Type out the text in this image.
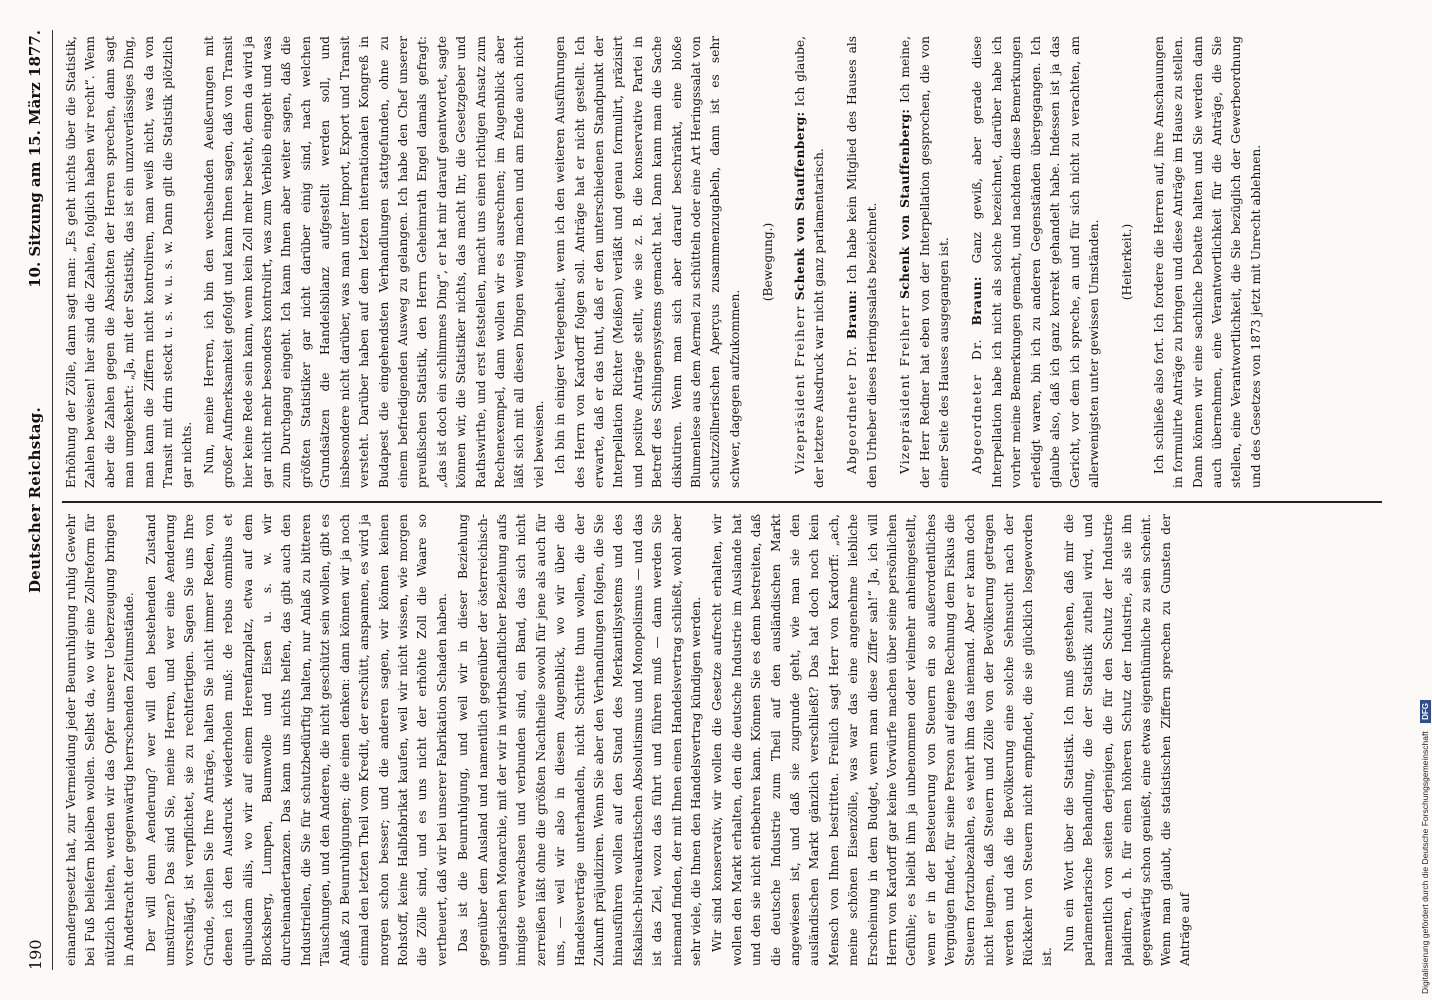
190
Deutscher Reichstag.
10. Sitzung am 15. März 1877.

einandergesetzt hat, zur Vermeidung jeder Beunruhigung ruhig Gewehr bei Fuß beliefern bleiben wollen. Selbst da, wo wir eine Zollreform für nützlich hielten, werden wir das Opfer unserer Ueberzeugung bringen in Andetracht der gegenwärtig herrschenden Zeitumstände. Der will denn Aenderung? wer will den bestehenden Zustand umstürzen? Das sind Sie, meine Herren, und wer eine Aenderung vorschlägt, ist verpflichtet, sie zu rechtfertigen. Sagen Sie uns Ihre Gründe, stellen Sie Ihre Anträge, halten Sie nicht immer Reden, von denen ich den Ausdruck wiederholen muß: de rebus omnibus et quibusdam aliis, wo wir auf einem Herenfanzplatz, etwa auf dem Blocksberg, Lumpen, Baumwolle und Eisen u. s. w. wir durcheinandertanzen. Das kann uns nichts helfen, das gibt auch den Industriellen, die Sie für schutzbedürftig halten, nur Anlaß zu bitteren Täuschungen, und den Anderen, die nicht geschützt sein wollen, gibt es Anlaß zu Beunruhigungen; die einen denken: dann können wir ja noch einmal den letzten Theil vom Kredit, der erschütt, anspannen, es wird ja morgen schon besser; und die anderen sagen, wir können keinen Rohstoff, keine Halbfabrikat kaufen, weil wir nicht wissen, wie morgen die Zölle sind, und es uns nicht der erhöhte Zoll die Waare so vertheuert, daß wir bei unserer Fabrikation Schaden haben. Das ist die Beunruhigung, und weil wir in dieser Beziehung gegenüber dem Ausland und namentlich gegenüber der österreichisch-ungarischen Monarchie, mit der wir in wirthschaftlicher Beziehung aufs innigste verwachsen und verbunden sind, ein Band, das sich nicht zerreißen läßt ohne die größten Nachtheile sowohl für jene als auch für uns, — weil wir also in diesem Augenblick, wo wir über die Handelsverträge unterhandeln, nicht Schritte thun wollen, die der Zukunft präjudiziren. Wenn Sie aber den Verhandlungen folgen, die Sie hinausführen wollen auf den Stand des Merkantilsystems und des fiskalisch-büreaukratischen Absolutismus und Monopolismus — und das ist das Ziel, wozu das führt und führen muß — dann werden Sie niemand finden, der mit Ihnen einen Handelsvertrag schließt, wohl aber sehr viele, die Ihnen den Handelsvertrag kündigen werden. Wir sind konservativ, wir wollen die Gesetze aufrecht erhalten, wir wollen den Markt erhalten, den die deutsche Industrie im Auslande hat und den sie nicht entbehren kann. Können Sie es denn bestreiten, daß die deutsche Industrie zum Theil auf den ausländischen Markt angewiesen ist, und daß sie zugrunde geht, wie man sie den ausländischen Markt gänzlich verschließt? Das hat doch noch kein Mensch von Ihnen bestritten. Freilich sagt Herr von Kardorff: „ach, meine schönen Eisenzölle, was war das eine angenehme liebliche Erscheinung in dem Budget, wenn man diese Ziffer sah!“ Ja, ich will Herrn von Kardorff gar keine Vorwürfe machen über seine persönlichen Gefühle; es bleibt ihm ja unbenommen oder vielmehr anheimgestellt, wenn er in der Besteuerung von Steuern ein so außerordentliches Vergnügen findet, für seine Person auf eigene Rechnung dem Fiskus die Steuern fortzubezahlen, es wehrt ihm das niemand. Aber er kann doch nicht leugnen, daß Steuern und Zölle von der Bevölkerung getragen werden und daß die Bevölkerung eine solche Sehnsucht nach der Rückkehr von Steuern nicht empfindet, die sie glücklich losgeworden ist.

Nun ein Wort über die Statistik. Ich muß gestehen, daß mir die parlamentarische Behandlung, die der Statistik zutheil wird, und namentlich von seiten derjenigen, die für den Schutz der Industrie plaidiren, d. h. für einen höheren Schutz der Industrie, als sie ihn gegenwärtig schon genießt, eine etwas eigenthümliche zu sein scheint. Wenn man glaubt, die statistischen Ziffern sprechen zu Gunsten der Anträge auf

Erhöhung der Zölle, dann sagt man: „Es geht nichts über die Statistik, Zahlen beweisen! hier sind die Zahlen, folglich haben wir recht“. Wenn aber die Zahlen gegen die Absichten der Herren sprechen, dann sagt man umgekehrt: „Ja, mit der Statistik, das ist ein unzuverlässiges Ding, man kann die Ziffern nicht kontroliren, man weiß nicht, was da von Transit mit drin steckt u. s. w. u. s. w. Dann gilt die Statistik plötzlich gar nichts. Nun, meine Herren, ich bin den wechselnden Aeußerungen mit großer Aufmerksamkeit gefolgt und kann Ihnen sagen, daß von Transit hier keine Rede sein kann, wenn kein Zoll mehr besteht, denn da wird ja gar nicht mehr besonders kontrolirt, was zum Verbleib eingeht und was zum Durchgang eingeht. Ich kann Ihnen aber weiter sagen, daß die größten Statistiker gar nicht darüber einig sind, nach welchen Grundsätzen die Handelsbilanz aufgestellt werden soll, und insbesondere nicht darüber, was man unter Import, Export und Transit versteht. Darüber haben auf dem letzten internationalen Kongreß in Budapest die eingehendsten Verhandlungen stattgefunden, ohne zu einem befriedigenden Ausweg zu gelangen. Ich habe den Chef unserer preußischen Statistik, den Herrn Geheimrath Engel damals gefragt: „das ist doch ein schlimmes Ding“, er hat mir darauf geantwortet, sagte können wir, die Statistiker nichts, das macht Ihr, die Gesetzgeber und Rathswirthe, und erst feststellen, macht uns einen richtigen Ansatz zum Rechenexempel, dann wollen wir es ausrechnen; im Augenblick aber läßt sich mit all diesen Dingen wenig machen und am Ende auch nicht viel beweisen. Ich bin in einiger Verlegenheit, wenn ich den weiteren Ausführungen des Herrn von Kardorff folgen soll. Anträge hat er nicht gestellt. Ich erwarte, daß er das thut, daß er den unterschiedenen Standpunkt der Interpellation Richter (Meißen) verläßt und genau formulirt, präzisirt und positive Anträge stellt, wie sie z. B. die konservative Partei in Betreff des Schlingensystems gemacht hat. Dann kann man die Sache diskutiren. Wenn man sich aber darauf beschränkt, eine bloße Blumenlese aus dem Aermel zu schütteln oder eine Art Heringssalat von schutzzöllnerischen Aperçus zusammenzugabeln, dann ist es sehr schwer, dagegen aufzukommen.

(Bewegung.)

Vizepräsident Freiherr Schenk von Stauffenberg: Ich glaube, der letztere Ausdruck war nicht ganz parlamentarisch. Abgeordneter Dr. Braun: Ich habe kein Mitglied des Hauses als den Urheber dieses Heringssalats bezeichnet. Vizepräsident Freiherr Schenk von Stauffenberg: Ich meine, der Herr Redner hat eben von der Interpellation gesprochen, die von einer Seite des Hauses ausgegangen ist. Abgeordneter Dr. Braun: Ganz gewiß, aber gerade diese Interpellation habe ich nicht als solche bezeichnet, darüber habe ich vorher meine Bemerkungen gemacht, und nachdem diese Bemerkungen erledigt waren, bin ich zu anderen Gegenständen übergegangen. Ich glaube also, daß ich ganz korrekt gehandelt habe. Indessen ist ja das Gericht, vor dem ich spreche, an und für sich nicht zu verachten, am allerwenigsten unter gewissen Umständen. (Heiterkeit.) Ich schließe also fort. Ich fordere die Herren auf, ihre Anschauungen in formulirte Anträge zu bringen und diese Anträge im Hause zu stellen. Dann können wir eine sachliche Debatte halten und Sie werden dann auch übernehmen, eine Verantwortlichkeit für die Anträge, die Sie stellen, eine Verantwortlichkeit, die Sie bezüglich der Gewerbeordnung und des Gesetzes von 1873 jetzt mit Unrecht ablehnen.

Digitalisierung gefördert durch die Deutsche Forschungsgemeinschaft DFG
